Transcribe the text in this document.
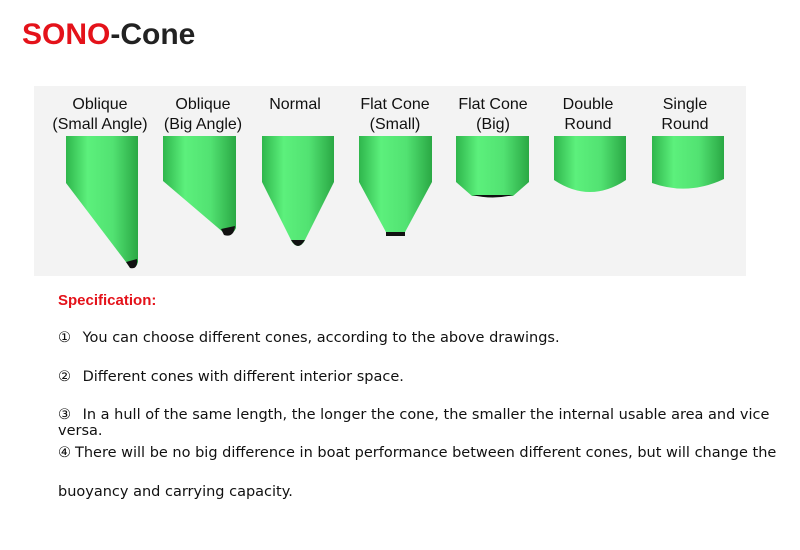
SONO-Cone
Oblique
(Small Angle)
Oblique
(Big Angle)
Normal	Flat Cone
(Small)
Flat Cone
(Big)
Double
Round
Single
Round
Specification:
① You can choose different cones, according to the above drawings.
② Different cones with different interior space.
③ In a hull of the same length, the longer the cone, the smaller the internal usable area and vice versa.
④ There will be no big difference in boat performance between different cones, but will change the
buoyancy and carrying capacity.
